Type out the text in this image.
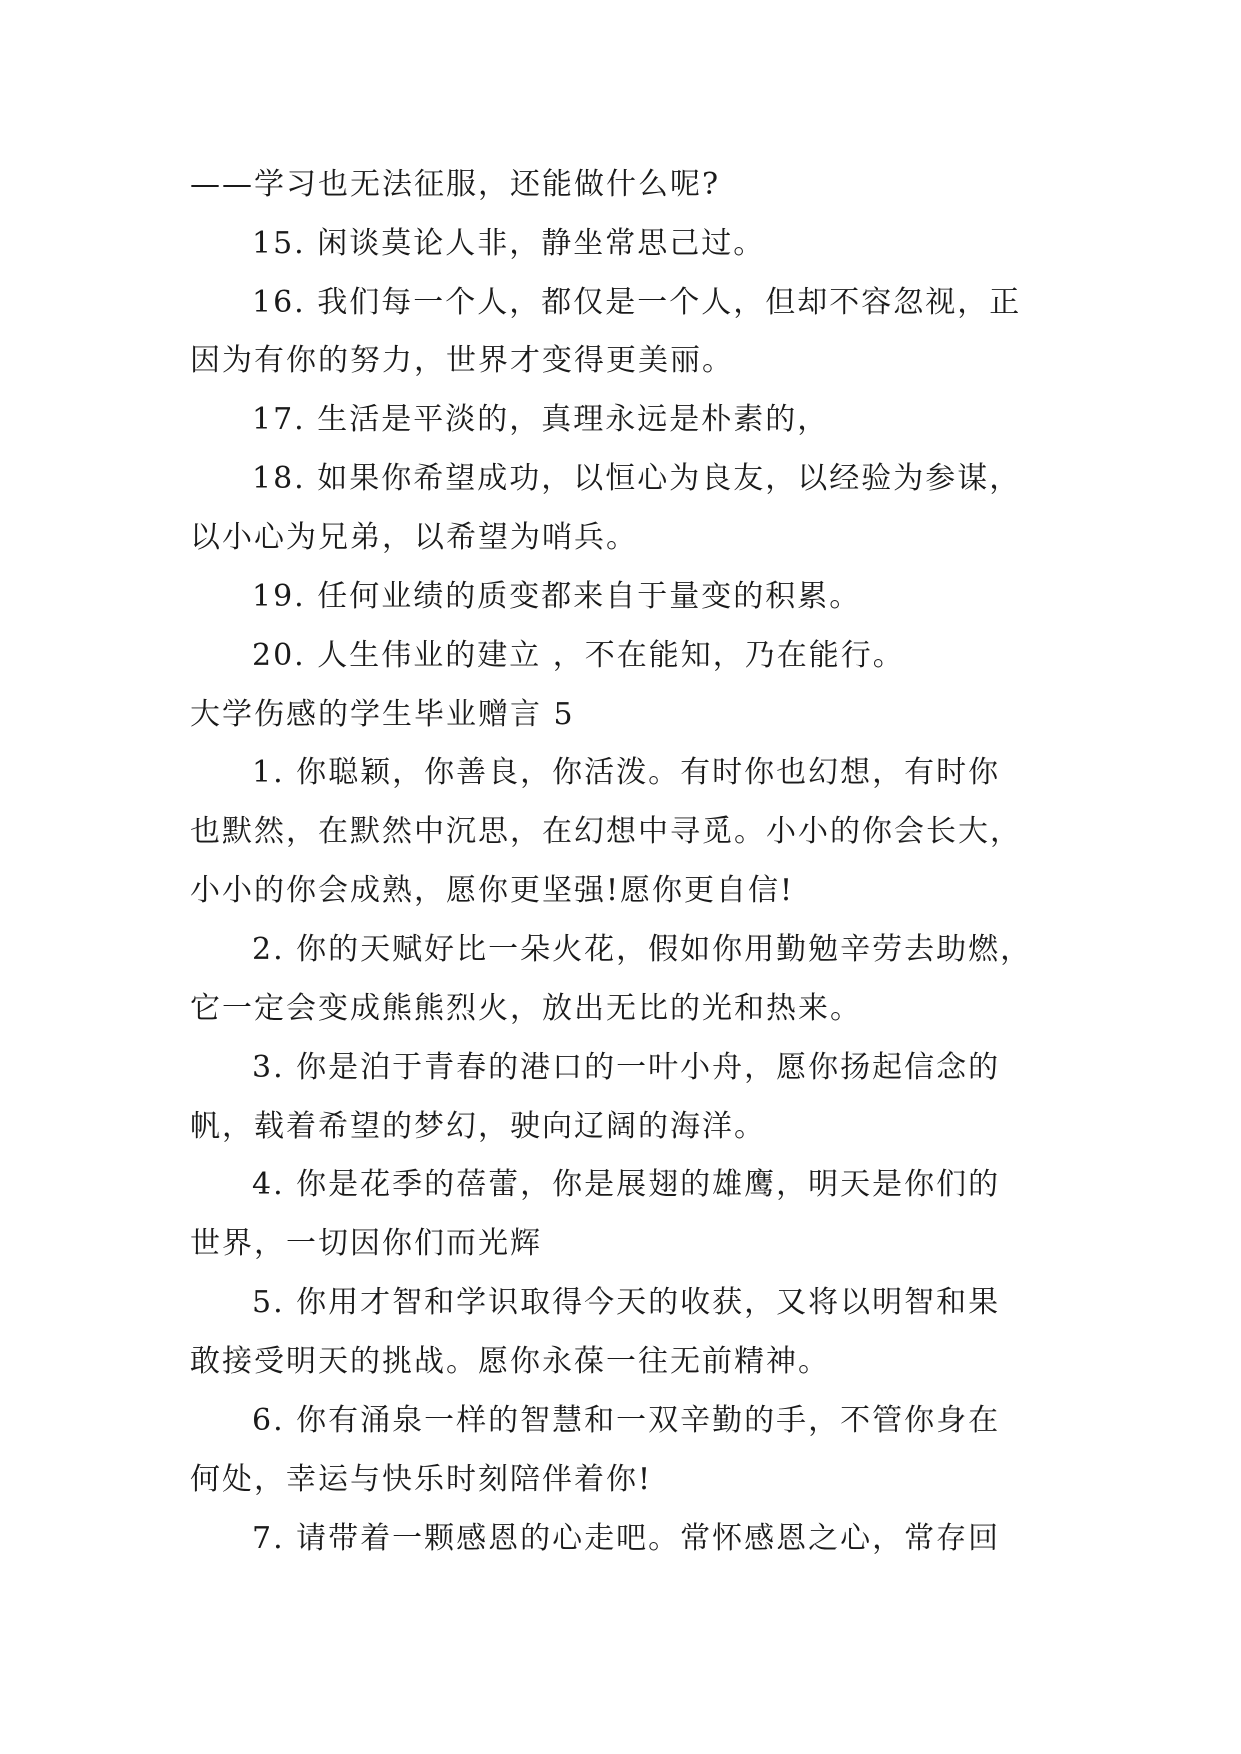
——学习也无法征服，还能做什么呢?
15. 闲谈莫论人非，静坐常思己过。
16. 我们每一个人，都仅是一个人，但却不容忽视，正
因为有你的努力，世界才变得更美丽。
17. 生活是平淡的，真理永远是朴素的，
18. 如果你希望成功，以恒心为良友，以经验为参谋，
以小心为兄弟，以希望为哨兵。
19. 任何业绩的质变都来自于量变的积累。
20. 人生伟业的建立 ，不在能知，乃在能行。
大学伤感的学生毕业赠言 5
1. 你聪颖，你善良，你活泼。有时你也幻想，有时你
也默然，在默然中沉思，在幻想中寻觅。小小的你会长大，
小小的你会成熟，愿你更坚强!愿你更自信!
2. 你的天赋好比一朵火花，假如你用勤勉辛劳去助燃，
它一定会变成熊熊烈火，放出无比的光和热来。
3. 你是泊于青春的港口的一叶小舟，愿你扬起信念的
帆，载着希望的梦幻，驶向辽阔的海洋。
4. 你是花季的蓓蕾，你是展翅的雄鹰，明天是你们的
世界，一切因你们而光辉
5. 你用才智和学识取得今天的收获，又将以明智和果
敢接受明天的挑战。愿你永葆一往无前精神。
6. 你有涌泉一样的智慧和一双辛勤的手，不管你身在
何处，幸运与快乐时刻陪伴着你!
7. 请带着一颗感恩的心走吧。常怀感恩之心，常存回
